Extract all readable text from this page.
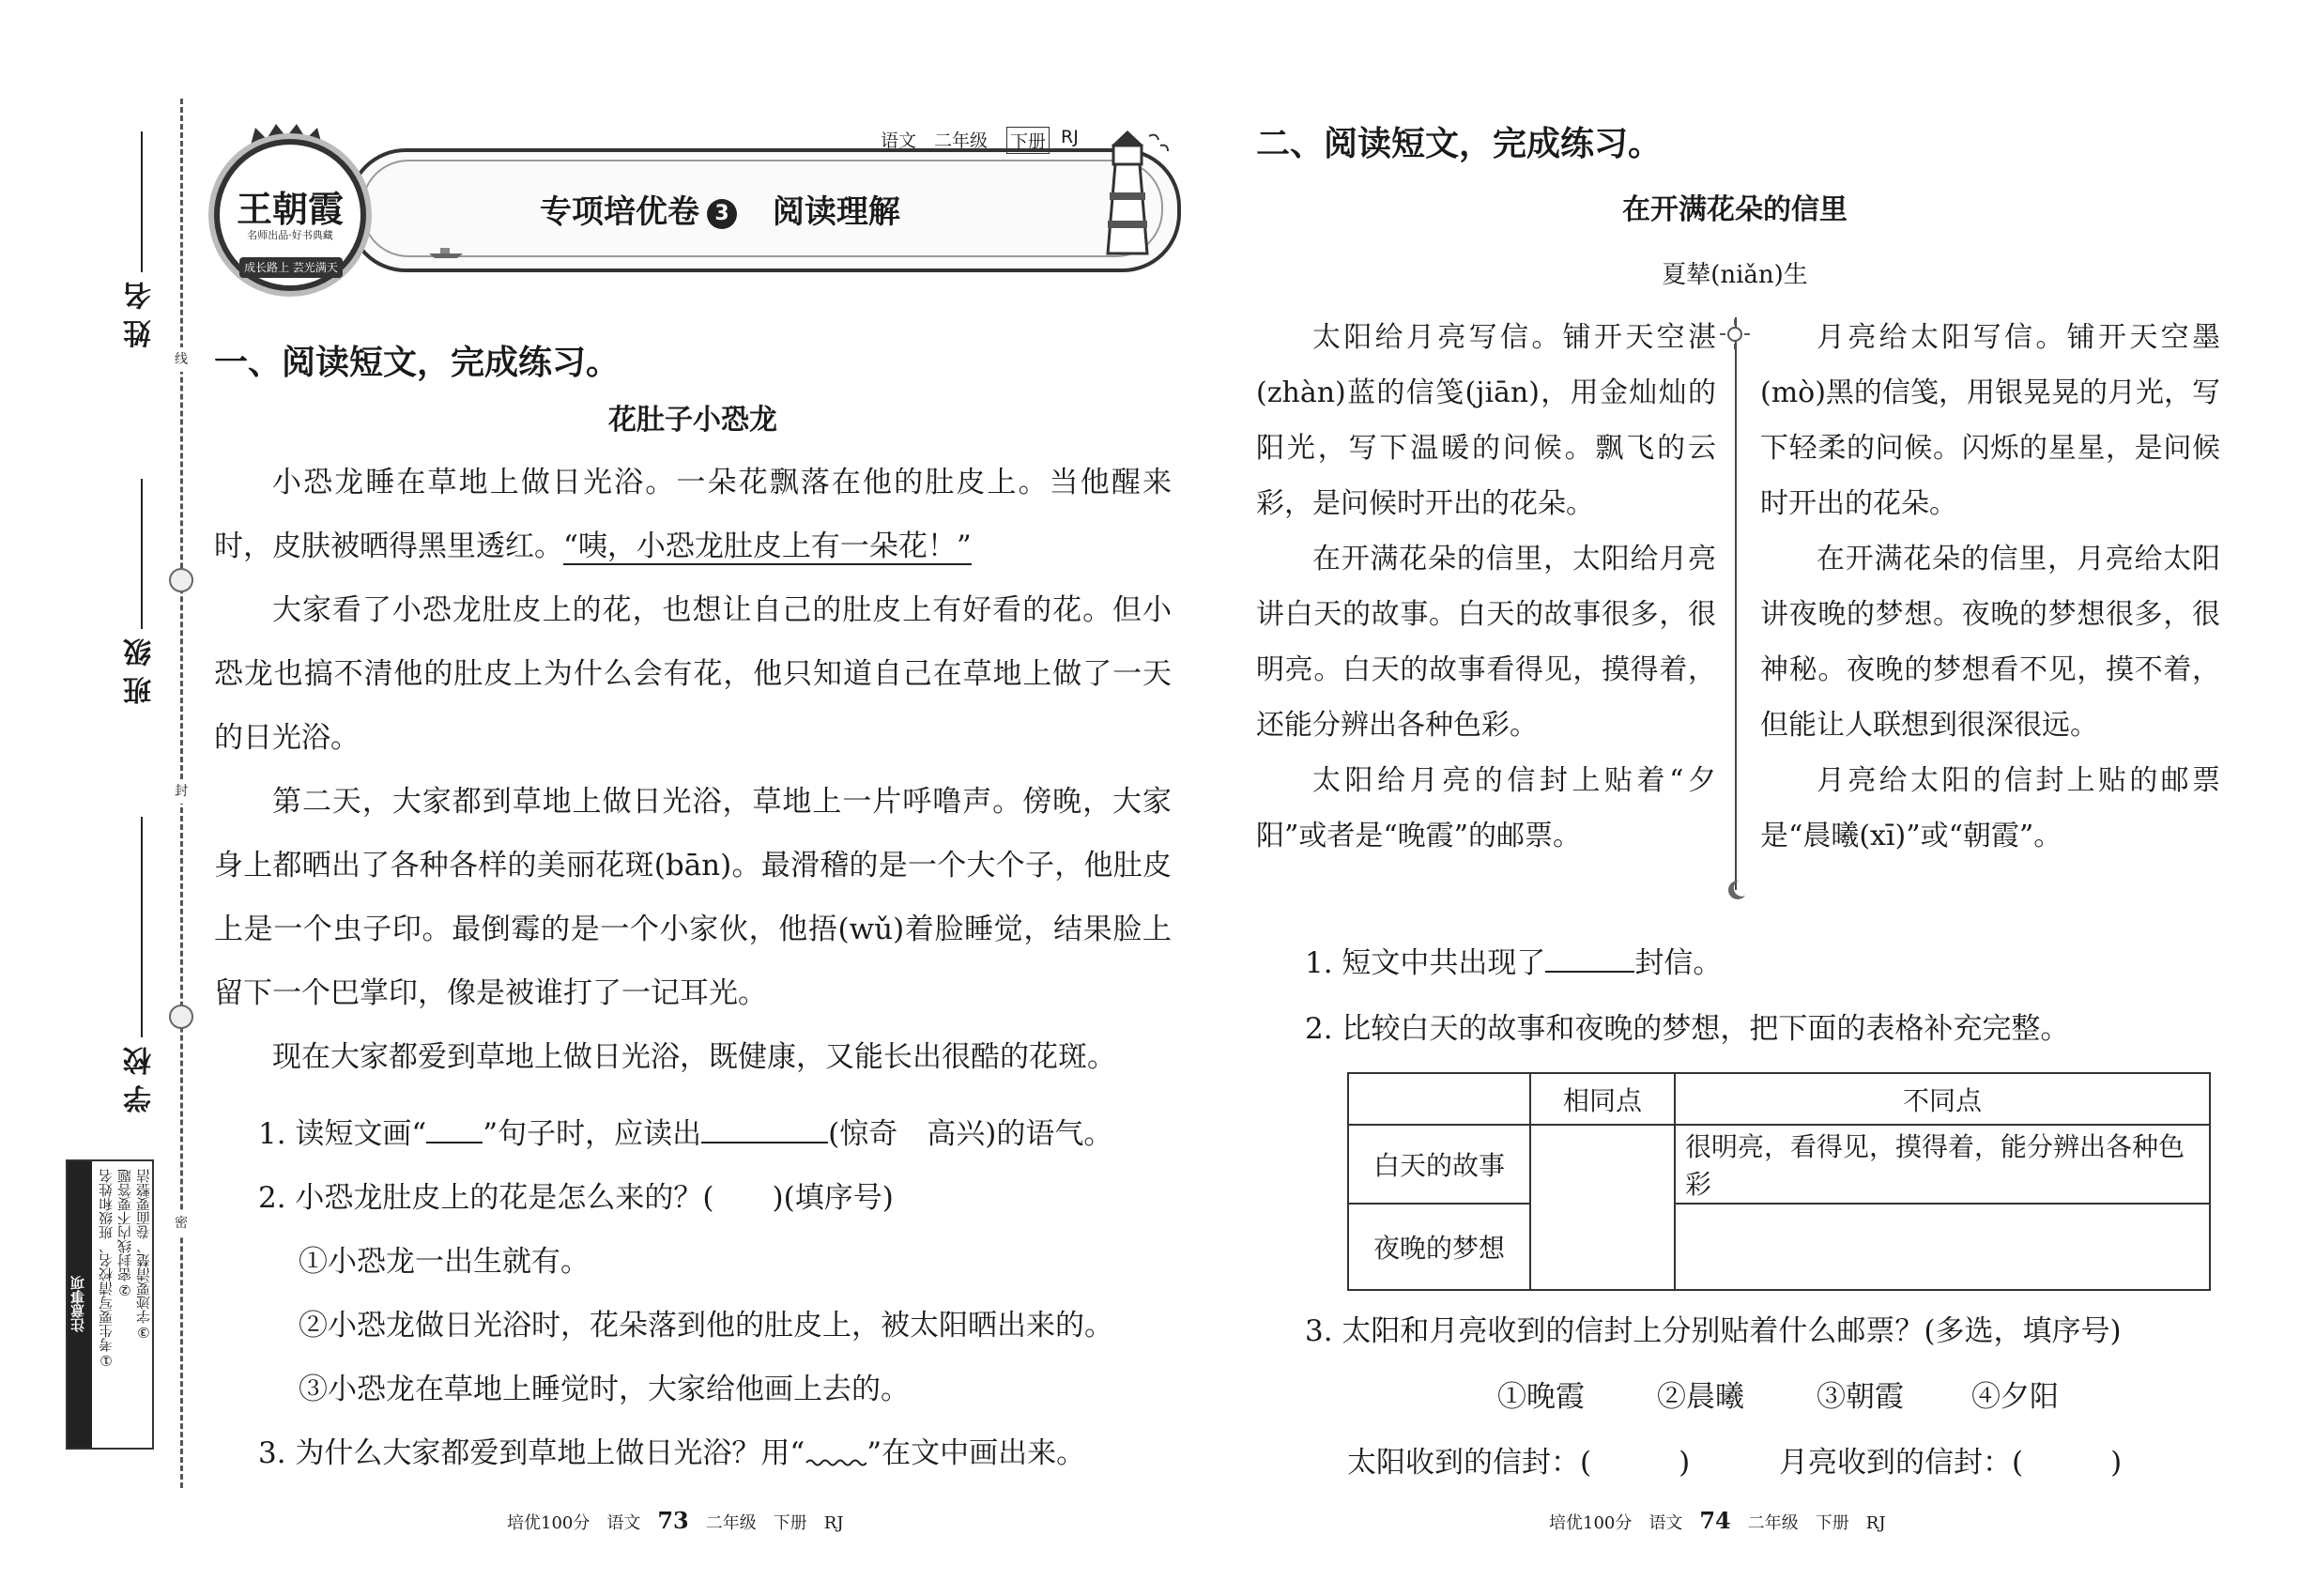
线
封
密
姓 名
班 级
学 校
注意事项 ①考生要写清校名、班级和姓名 ②密封线内不要答题 ③字迹要清楚、卷面要整洁
王朝霞
名师出品·好书典藏
成长路上 芸光满天
语文 二年级 下册 RJ
专项培优卷 3 阅读理解
一、阅读短文，完成练习。
花肚子小恐龙
小恐龙睡在草地上做日光浴。一朵花飘落在他的肚皮上。当他醒来时，皮肤被晒得黑里透红。“咦，小恐龙肚皮上有一朵花！”
大家看了小恐龙肚皮上的花，也想让自己的肚皮上有好看的花。但小恐龙也搞不清他的肚皮上为什么会有花，他只知道自己在草地上做了一天的日光浴。
第二天，大家都到草地上做日光浴，草地上一片呼噜声。傍晚，大家身上都晒出了各种各样的美丽花斑(bān)。最滑稽的是一个大个子，他肚皮上是一个虫子印。最倒霉的是一个小家伙，他捂(wǔ)着脸睡觉，结果脸上留下一个巴掌印，像是被谁打了一记耳光。
现在大家都爱到草地上做日光浴，既健康，又能长出很酷的花斑。
1. 读短文画“ ”句子时，应读出	(惊奇　高兴)的语气。
2. 小恐龙肚皮上的花是怎么来的？(　　)(填序号)
①小恐龙一出生就有。
②小恐龙做日光浴时，花朵落到他的肚皮上，被太阳晒出来的。
③小恐龙在草地上睡觉时，大家给他画上去的。
3. 为什么大家都爱到草地上做日光浴？用“ ”在文中画出来。
培优100分　语文　 73　 二年级　下册　RJ
二、阅读短文，完成练习。
在开满花朵的信里
夏辇(niǎn)生
太阳给月亮写信。铺开天空湛(zhàn)蓝的信笺(jiān)，用金灿灿的阳光，写下温暖的问候。飘飞的云彩，是问候时开出的花朵。
在开满花朵的信里，太阳给月亮讲白天的故事。白天的故事很多，很明亮。白天的故事看得见，摸得着，还能分辨出各种色彩。
太阳给月亮的信封上贴着“夕阳”或者是“晚霞”的邮票。
月亮给太阳写信。铺开天空墨(mò)黑的信笺，用银晃晃的月光，写下轻柔的问候。闪烁的星星，是问候时开出的花朵。
在开满花朵的信里，月亮给太阳讲夜晚的梦想。夜晚的梦想很多，很神秘。夜晚的梦想看不见，摸不着，但能让人联想到很深很远。
月亮给太阳的信封上贴的邮票是“晨曦(xī)”或“朝霞”。
1. 短文中共出现了	封信。
2. 比较白天的故事和夜晚的梦想，把下面的表格补充完整。
	相同点	不同点
白天的故事		很明亮，看得见，摸得着，能分辨出各种色彩
夜晚的梦想		
3. 太阳和月亮收到的信封上分别贴着什么邮票？(多选，填序号)
①晚霞 ②晨曦 ③朝霞 ④夕阳
太阳收到的信封：(　　　)	月亮收到的信封：(　　　)
培优100分　语文　 74　 二年级　下册　RJ
